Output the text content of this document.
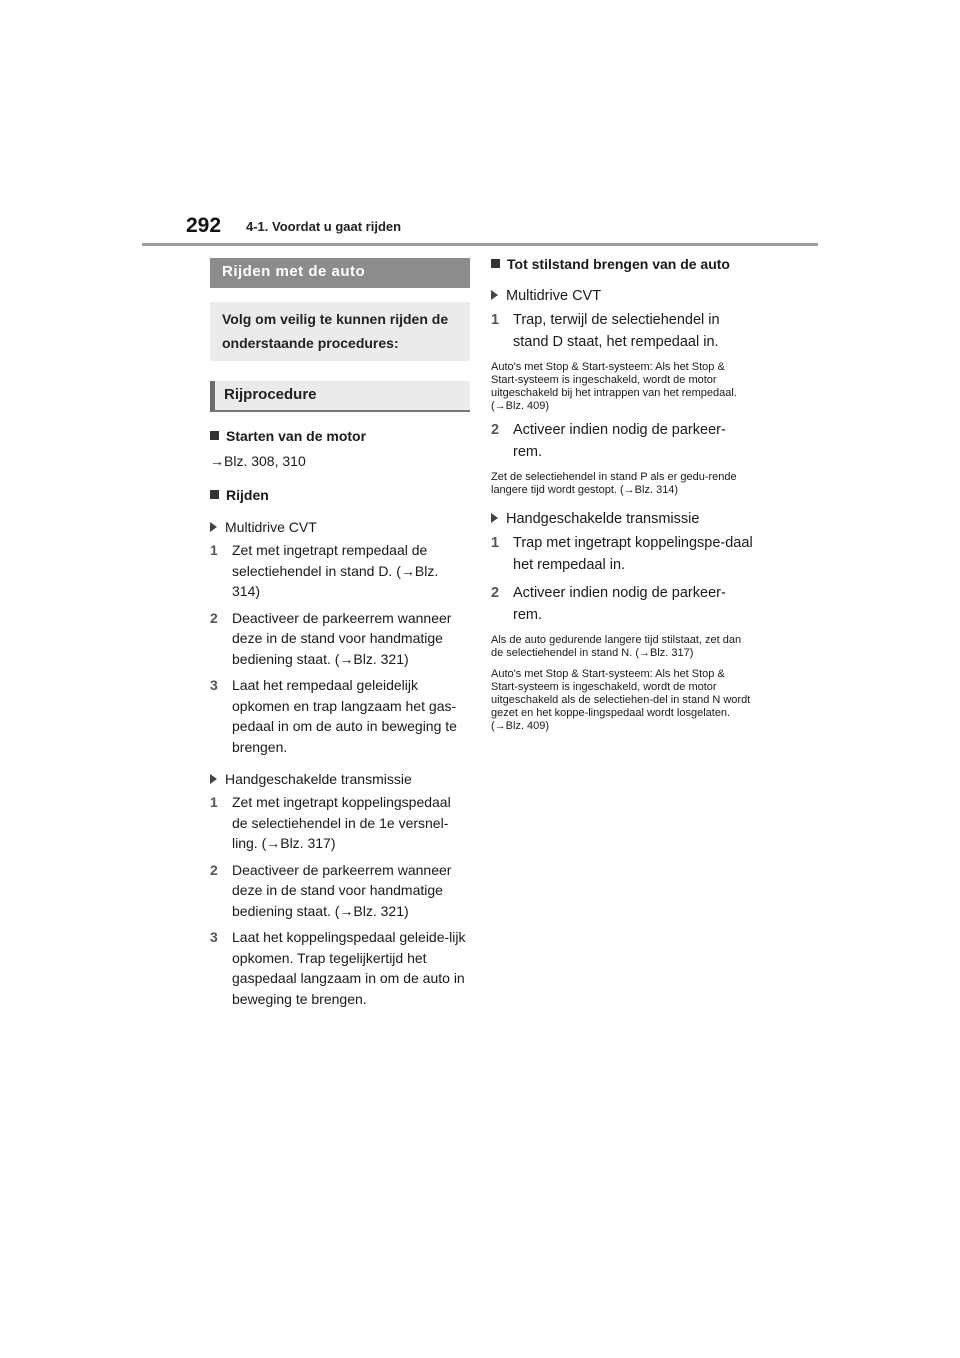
292 4-1. Voordat u gaat rijden
Rijden met de auto
Volg om veilig te kunnen rijden de onderstaande procedures:
Rijprocedure
Starten van de motor
→Blz. 308, 310
Rijden
Multidrive CVT
1	Zet met ingetrapt rempedaal de selectiehendel in stand D. (→Blz. 314)
2	Deactiveer de parkeerrem wanneer deze in de stand voor handmatige bediening staat. (→Blz. 321)
3	Laat het rempedaal geleidelijk opkomen en trap langzaam het gas-pedaal in om de auto in beweging te brengen.
Handgeschakelde transmissie
1	Zet met ingetrapt koppelingspedaal de selectiehendel in de 1e versnel-ling. (→Blz. 317)
2	Deactiveer de parkeerrem wanneer deze in de stand voor handmatige bediening staat. (→Blz. 321)
3	Laat het koppelingspedaal geleide-lijk opkomen. Trap tegelijkertijd het gaspedaal langzaam in om de auto in beweging te brengen.
Tot stilstand brengen van de auto
Multidrive CVT
1 Trap, terwijl de selectiehendel in stand D staat, het rempedaal in.
Auto's met Stop & Start-systeem: Als het Stop & Start-systeem is ingeschakeld, wordt de motor uitgeschakeld bij het intrappen van het rempedaal. (→Blz. 409)
2 Activeer indien nodig de parkeer-rem.
Zet de selectiehendel in stand P als er gedu-rende langere tijd wordt gestopt. (→Blz. 314)
Handgeschakelde transmissie
1 Trap met ingetrapt koppelingspe-daal het rempedaal in.
2 Activeer indien nodig de parkeer-rem.
Als de auto gedurende langere tijd stilstaat, zet dan de selectiehendel in stand N. (→Blz. 317)
Auto's met Stop & Start-systeem: Als het Stop & Start-systeem is ingeschakeld, wordt de motor uitgeschakeld als de selectiehen-del in stand N wordt gezet en het koppe-lingspedaal wordt losgelaten. (→Blz. 409)
